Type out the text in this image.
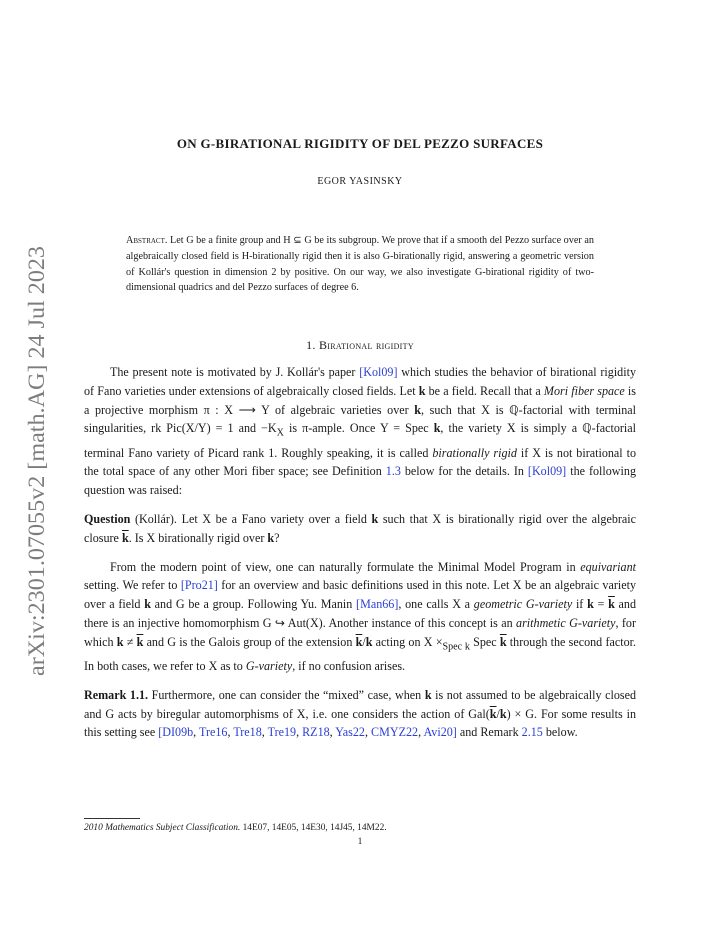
arXiv:2301.07055v2 [math.AG] 24 Jul 2023
ON G-BIRATIONAL RIGIDITY OF DEL PEZZO SURFACES
EGOR YASINSKY
Abstract. Let G be a finite group and H ⊆ G be its subgroup. We prove that if a smooth del Pezzo surface over an algebraically closed field is H-birationally rigid then it is also G-birationally rigid, answering a geometric version of Kollár's question in dimension 2 by positive. On our way, we also investigate G-birational rigidity of two-dimensional quadrics and del Pezzo surfaces of degree 6.
1. Birational rigidity

The present note is motivated by J. Kollár's paper [Kol09] which studies the behavior of birational rigidity of Fano varieties under extensions of algebraically closed fields. Let k be a field. Recall that a Mori fiber space is a projective morphism π : X ⟶ Y of algebraic varieties over k, such that X is ℚ-factorial with terminal singularities, rk Pic(X/Y) = 1 and $-K_X$ is π-ample. Once Y = Spec k, the variety X is simply a ℚ-factorial terminal Fano variety of Picard rank 1. Roughly speaking, it is called birationally rigid if X is not birational to the total space of any other Mori fiber space; see Definition 1.3 below for the details. In [Kol09] the following question was raised:

Question (Kollár). Let X be a Fano variety over a field k such that X is birationally rigid over the algebraic closure $\overline{k}$. Is X birationally rigid over k?

From the modern point of view, one can naturally formulate the Minimal Model Program in equivariant setting. We refer to [Pro21] for an overview and basic definitions used in this note. Let X be an algebraic variety over a field k and G be a group. Following Yu. Manin [Man66], one calls X a geometric G-variety if $k = \overline{k}$ and there is an injective homomorphism G ↪ Aut(X). Another instance of this concept is an arithmetic G-variety, for which $k \ne \overline{k}$ and G is the Galois group of the extension $\overline{k}/k$ acting on $X \times_{Spec k}$ Spec $\overline{k}$ through the second factor. In both cases, we refer to X as to G-variety, if no confusion arises.

Remark 1.1. Furthermore, one can consider the “mixed” case, when k is not assumed to be algebraically closed and G acts by biregular automorphisms of X, i.e. one considers the action of $Gal(\overline{k}/k) \times G$. For some results in this setting see [DI09b, Tre16, Tre18, Tre19, RZ18, Yas22, CMYZ22, Avi20] and Remark 2.15 below.

2010 Mathematics Subject Classification. 14E07, 14E05, 14E30, 14J45, 14M22.
1
